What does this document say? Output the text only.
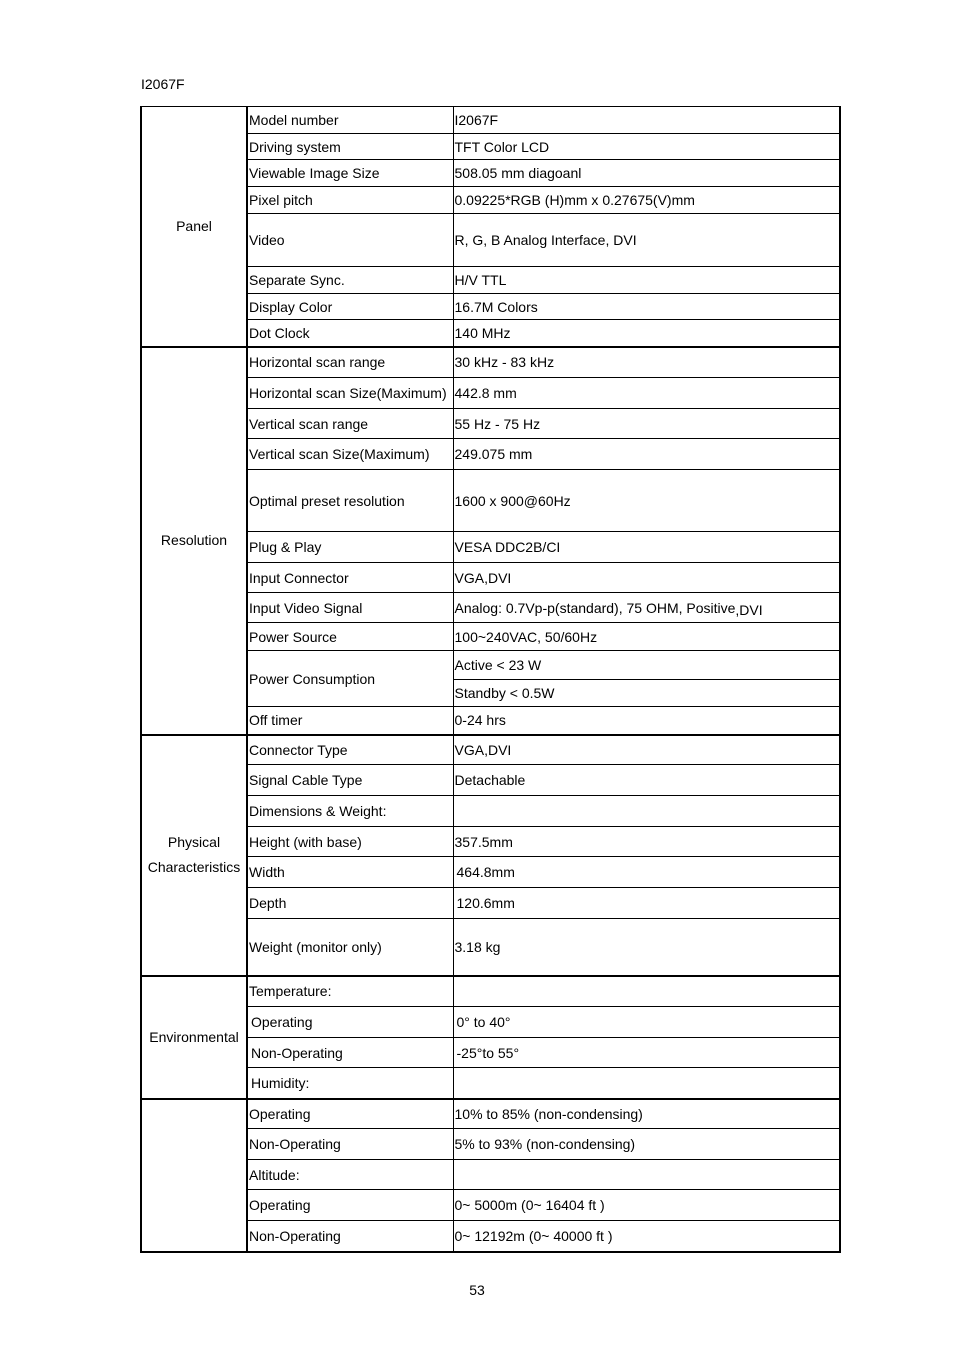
I2067F
Panel	Model number	I2067F
	Driving system	TFT Color LCD
	Viewable Image Size	508.05 mm diagoanl
	Pixel pitch	0.09225*RGB (H)mm x 0.27675(V)mm
	Video	R, G, B Analog Interface, DVI
	Separate Sync.	H/V TTL
	Display Color	16.7M Colors
	Dot Clock	140 MHz
Resolution	Horizontal scan range	30 kHz - 83 kHz
	Horizontal scan Size(Maximum)	442.8 mm
	Vertical scan range	55 Hz - 75 Hz
	Vertical scan Size(Maximum)	249.075 mm
	Optimal preset resolution	1600 x 900@60Hz
	Plug & Play	VESA DDC2B/CI
	Input Connector	VGA,DVI
	Input Video Signal	Analog: 0.7Vp-p(standard), 75 OHM, Positive,DVI
	Power Source	100~240VAC, 50/60Hz
	Power Consumption	Active < 23 W
		Standby < 0.5W
	Off timer	0-24 hrs

Physical
Characteristics	Connector Type	VGA,DVI
	Signal Cable Type	Detachable
	Dimensions & Weight:	
	Height (with base)	357.5mm
	Width	464.8mm
	Depth	120.6mm
	Weight (monitor only)	3.18 kg
Environmental	Temperature:	
	Operating	0° to 40°
	Non-Operating	-25°to 55°
	Humidity:	
	Operating	10% to 85% (non-condensing)
	Non-Operating	5% to 93% (non-condensing)
	Altitude:	
	Operating	0~ 5000m (0~ 16404 ft )
	Non-Operating	0~ 12192m (0~ 40000 ft )
53
